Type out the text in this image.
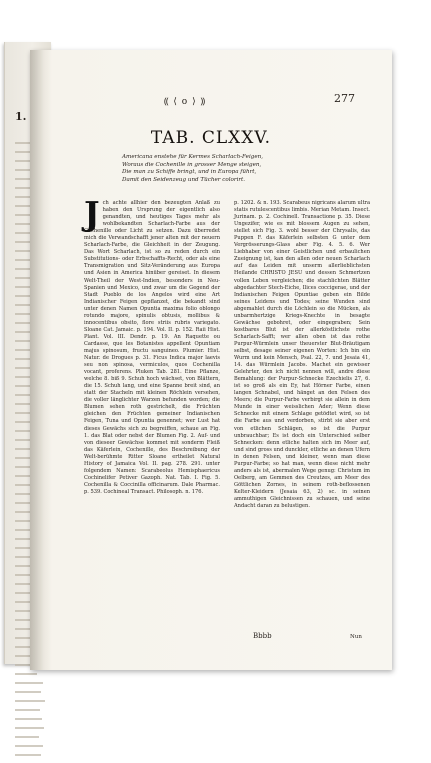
1.
⸨ ⟨ o ⟩ ⸩	277
TAB. CLXXV.
Americana enstehe für Kermes Scharlach-Feigen,
Woraus die Cochenille in grosser Menge steigen,
Die man zu Schiffe bringt, und in Europa führt,
Damit den Seidenzeug und Tücher colorirt.
J ch achte allhier den bezeugten Anlaß zu haben den Ursprung der eigentlich also genandten, und heutiges Tages mehr als wohlbekandten Scharlach-Farbe aus der Cochenille oder Licht zu setzen. Dazu überredet mich die Verwandschafft jener alten mit der neuern Scharlach-Farbe, die Gleichheit in der Zeugung. Das Wort Scharlach, ist so zu reden durch ein Substitutions- oder Erbschaffts-Recht, oder als eine Transmigration und Sitz-Veränderung aus Europa und Asien in America hinüber gereiset. In diesem Welt-Theil der West-Indien, besonders in Neu-Spanien und Mexico, und zwar um die Gegend der Stadt Pueblo de los Angelos wird eine Art Indianischer Feigen gepflanzet, die bekandt sind unter denen Namen Opuntia maxima folio oblongo rotundo majore, spinulis obtusis, mollibus & innocentibus obsito, flore striis rubris variegato. Sloane Cat. Jamaic. p. 194. Vol. II. p. 152. Raii Hist. Plant. Vol. III. Dendr. p. 19. An Raquette ou Cardasse, que les Botanistes appellent Opuntiam majus spinosum, fructu sanguineo. Plumier. Hist. Natur. de Drogues p. 31. Ficus Indica major laevis seu non spinosa, vermiculos, quos Cochenilla vocant, proferens. Pluken Tab. 281. Eine Pflanze, welche 8. biß 9. Schuh hoch wächset, von Blättern, die 15. Schuh lang, und eine Spanne breit sind, an statt der Stacheln mit kleinen Röchlein versehen, die voller länglichter Warzen befunden worden; die Blumen sehen roth gestrichelt, die Früchten gleichen den Früchten gemeiner Indianischen Feigen, Tuna und Opuntia genennet; wer Lust hat dieses Gewächs sich zu begreiffen, schaue an Fig. 1. das Blat oder nebst der Blumen Fig. 2. Auf- und von dieseer Gewächse kommet mit sonderm Fleiß das Käferlein, Cochenille, des Beschreibung der Welt-berühmte Ritter Sloane ertheilet Natural History of Jamaica Vol. II. pag. 278. 291. unter folgendem Namen: Scarabeolus Hemisphaericus Cochinelifer Petiver Gazoph. Nat. Tab. I. Fig. 5. Cochenilla & Coccinilla officinarum. Dale Pharmac. p. 539. Cochineal Transact. Philosoph. n. 176.
p. 1202. & n. 193. Scarabeus nigricans alarum ultra statis rutulescentibus limbis. Merian Metam. Insect. Jurinam. p. 2. Cochinell. Transactione p. 35. Diese Ungezifer, wie es mit blossem Augen zu sehen, stellet sich Fig. 3. wohl besser der Chrysalis, das Puppen F. das Käferlein selbsten G unter dem Vergrösserungs-Glass aber Fig. 4. 5. 6. Wer Liebhaber von einer Geistlichen und erbaulichen Zueignung ist, kan den allen oder neuen Scharlach auf das Leiden mit unserm allerlieblichsten Heilande CHRISTO JESU und dessen Schmertzen vollen Leben vergleichen; die stachlichten Blätter abgedachter Stech-Eiche, Ilices coccigerae, und der Indianischen Feigen Opuntiae geben ein Bilde seines Leidens und Todes; seine Wunden sind abgemahlet durch die Löchlein so die Mücken, als unbarmhertzige Kriegs-Knechte in besagte Gewächse gebohret, oder eingegraben; Sein kostbares Blut ist der allerköstlichste rothe Scharlach-Safft; wer allen oben ist das rothe Purpur-Würmlein unser theuerster Blut-Bräutigam selbst, desage seiner eigenen Worten: Ich bin ein Wurm und kein Mensch, Psal. 22, 7. und Jesaia 41, 14. das Würmlein Jacobs. Machet ein gewisser Gelehrter, den ich nicht nennen will, andre diese Bemahlung: der Purpur-Schnecke Ezechielis 27, 6. ist so groß als ein Ey, hat Hörner Farbe, einen langen Schnabel, und hänget an den Felsen des Meers; die Purpur-Farbe verbirgt sie allein in dem Munde in einer weisslichen Ader; Wenn diese Schnecke mit einem Schlage getödtet wird, so ist die Farbe aus und verdorben, stirbt sie aber erst von etlichen Schlägen, so ist die Purpur unbrauchbar; Es ist doch ein Unterschied selber Schnecken: denn etliche halten sich im Meer auf, und sind gross und dunckler, etliche an denen Ufern in denen Felsen, und kleiner, wenn man diese Purpur-Farbe; so hat man, wenn diese nicht mehr anders als ist, abermalen Wege genug: Christum im Oelberg, am Gemmen des Creutzes, am Meer des Göttlichen Zornes, in seinem roth-beflossenen Kelter-Kleidern (Jesaia 63, 2) sc. in seinen ammuthigen Gleichnissen zu schauen, und seine Andacht daran zu belustigen.
Bbbb	Nun
